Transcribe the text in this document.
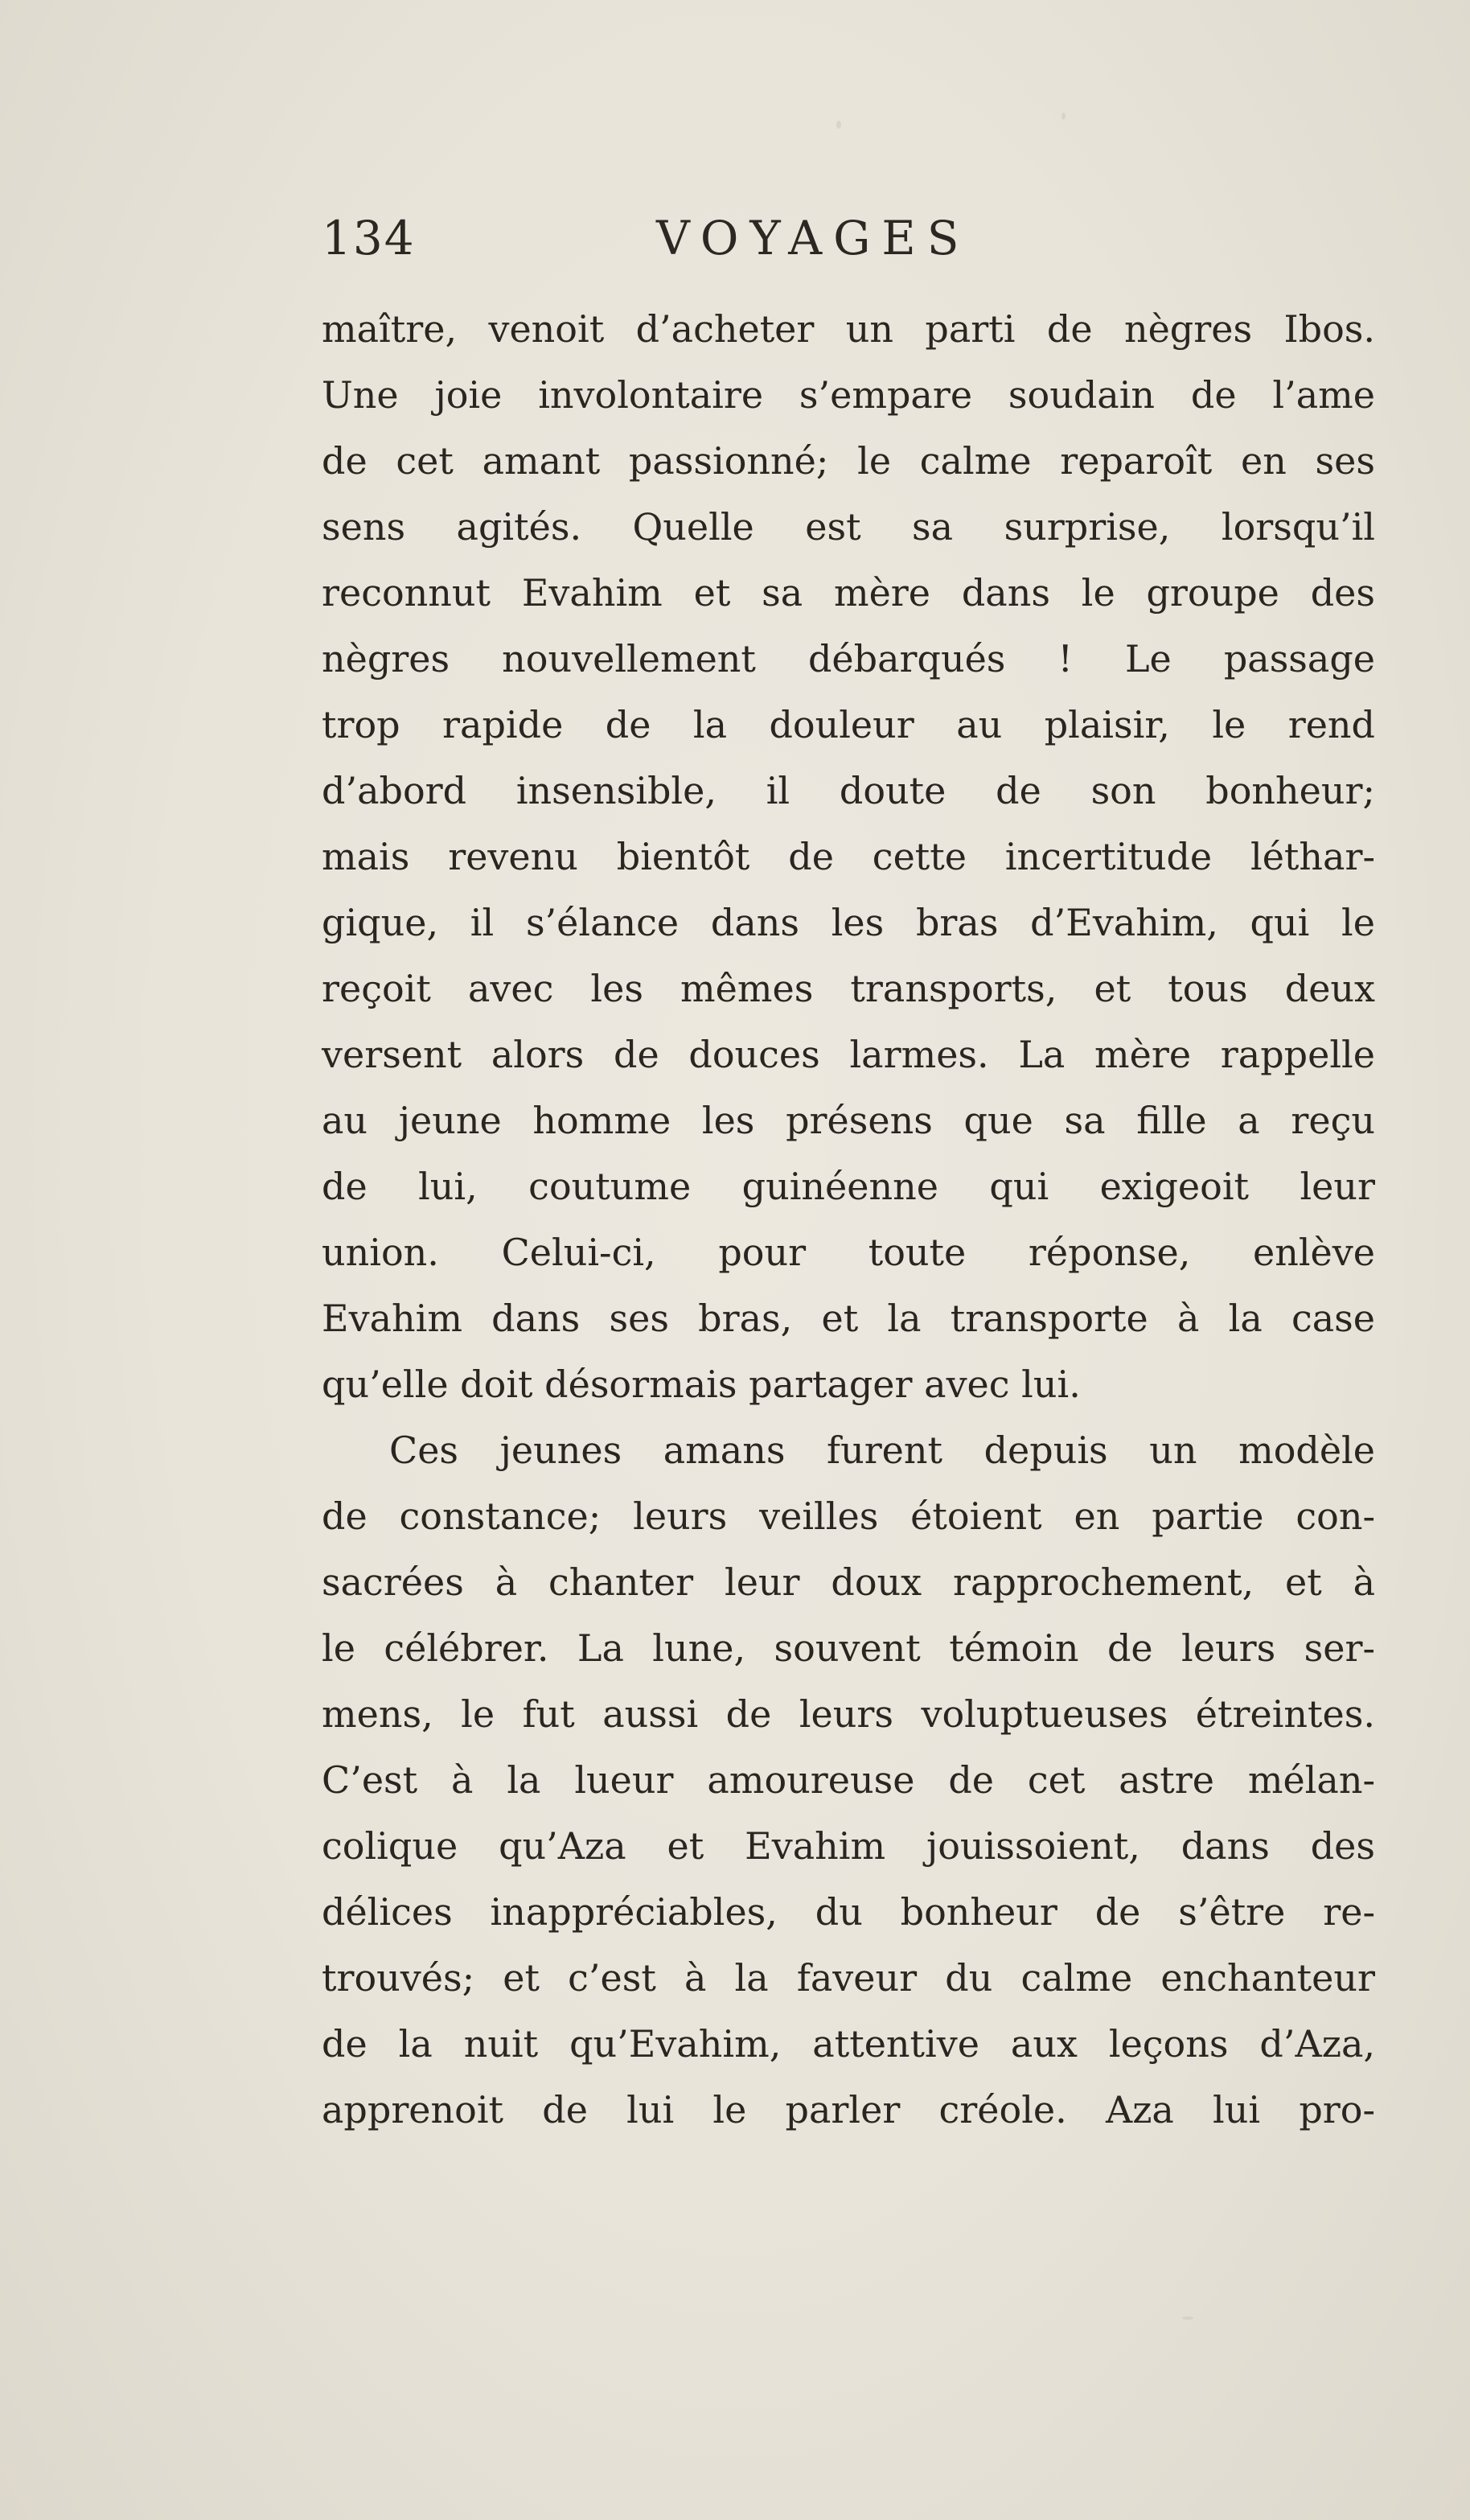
134	VOYAGES
maître, venoit d’acheter un parti de nègres Ibos.
Une joie involontaire s’empare soudain de l’ame
de cet amant passionné; le calme reparoît en ses
sens agités. Quelle est sa surprise, lorsqu’il
reconnut Evahim et sa mère dans le groupe des
nègres nouvellement débarqués ! Le passage
trop rapide de la douleur au plaisir, le rend
d’abord insensible, il doute de son bonheur;
mais revenu bientôt de cette incertitude léthar-
gique, il s’élance dans les bras d’Evahim, qui le
reçoit avec les mêmes transports, et tous deux
versent alors de douces larmes. La mère rappelle
au jeune homme les présens que sa fille a reçu
de lui, coutume guinéenne qui exigeoit leur
union. Celui-ci, pour toute réponse, enlève
Evahim dans ses bras, et la transporte à la case
qu’elle doit désormais partager avec lui.
Ces jeunes amans furent depuis un modèle
de constance; leurs veilles étoient en partie con-
sacrées à chanter leur doux rapprochement, et à
le célébrer. La lune, souvent témoin de leurs ser-
mens, le fut aussi de leurs voluptueuses étreintes.
C’est à la lueur amoureuse de cet astre mélan-
colique qu’Aza et Evahim jouissoient, dans des
délices inappréciables, du bonheur de s’être re-
trouvés; et c’est à la faveur du calme enchanteur
de la nuit qu’Evahim, attentive aux leçons d’Aza,
apprenoit de lui le parler créole. Aza lui pro-
